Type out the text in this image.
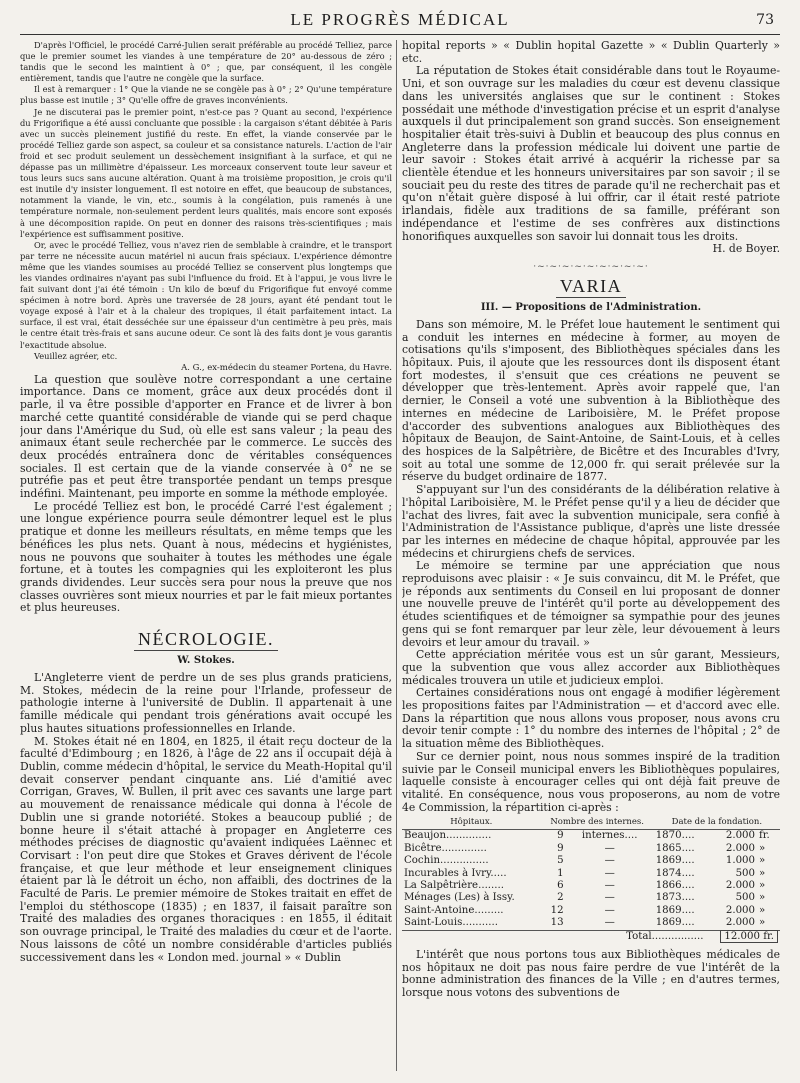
LE PROGRÈS MÉDICAL	73

D'après l'Officiel, le procédé Carré-Julien serait préférable au procédé Telliez, parce que le premier soumet les viandes à une température de 20° au-dessous de zéro ; tandis que le second les maintient à 0° ; que, par conséquent, il les congèle entièrement, tandis que l'autre ne congèle que la surface.

Il est à remarquer : 1° Que la viande ne se congèle pas à 0° ; 2° Qu'une température plus basse est inutile ; 3° Qu'elle offre de graves inconvénients.

Je ne discuterai pas le premier point, n'est-ce pas ? Quant au second, l'expérience du Frigorifique a été aussi concluante que possible : la cargaison s'étant débitée à Paris avec un succès pleinement justifié du reste. En effet, la viande conservée par le procédé Telliez garde son aspect, sa couleur et sa consistance naturels. L'action de l'air froid et sec produit seulement un dessèchement insignifiant à la surface, et qui ne dépasse pas un millimètre d'épaisseur. Les morceaux conservent toute leur saveur et tous leurs sucs sans aucune altération. Quant à ma troisième proposition, je crois qu'il est inutile d'y insister longuement. Il est notoire en effet, que beaucoup de substances, notamment la viande, le vin, etc., soumis à la congélation, puis ramenés à une température normale, non-seulement perdent leurs qualités, mais encore sont exposés à une décomposition rapide. On peut en donner des raisons très-scientifiques ; mais l'expérience est suffisamment positive.

Or, avec le procédé Telliez, vous n'avez rien de semblable à craindre, et le transport par terre ne nécessite aucun matériel ni aucun frais spéciaux. L'expérience démontre même que les viandes soumises au procédé Telliez se conservent plus longtemps que les viandes ordinaires n'ayant pas subi l'influence du froid. Et à l'appui, je vous livre le fait suivant dont j'ai été témoin : Un kilo de bœuf du Frigorifique fut envoyé comme spécimen à notre bord. Après une traversée de 28 jours, ayant été pendant tout le voyage exposé à l'air et à la chaleur des tropiques, il était parfaitement intact. La surface, il est vrai, était desséchée sur une épaisseur d'un centimètre à peu près, mais le centre était très-frais et sans aucune odeur. Ce sont là des faits dont je vous garantis l'exactitude absolue.

Veuillez agréer, etc.

A. G., ex-médecin du steamer Portena, du Havre.

La question que soulève notre correspondant a une certaine importance. Dans ce moment, grâce aux deux procédés dont il parle, il va être possible d'apporter en France et de livrer à bon marché cette quantité considérable de viande qui se perd chaque jour dans l'Amérique du Sud, où elle est sans valeur ; la peau des animaux étant seule recherchée par le commerce. Le succès des deux procédés entraînera donc de véritables conséquences sociales. Il est certain que de la viande conservée à 0° ne se putréfie pas et peut être transportée pendant un temps presque indéfini. Maintenant, peu importe en somme la méthode employée.

Le procédé Telliez est bon, le procédé Carré l'est également ; une longue expérience pourra seule démontrer lequel est le plus pratique et donne les meilleurs résultats, en même temps que les bénéfices les plus nets. Quant à nous, médecins et hygiénistes, nous ne pouvons que souhaiter à toutes les méthodes une égale fortune, et à toutes les compagnies qui les exploiteront les plus grands dividendes. Leur succès sera pour nous la preuve que nos classes ouvrières sont mieux nourries et par le fait mieux portantes et plus heureuses.

NÉCROLOGIE.
W. Stokes.

L'Angleterre vient de perdre un de ses plus grands praticiens, M. Stokes, médecin de la reine pour l'Irlande, professeur de pathologie interne à l'université de Dublin. Il appartenait à une famille médicale qui pendant trois générations avait occupé les plus hautes situations professionnelles en Irlande.

M. Stokes était né en 1804, en 1825, il était reçu docteur de la faculté d'Edimbourg ; en 1826, à l'âge de 22 ans il occupait déjà à Dublin, comme médecin d'hôpital, le service du Meath-Hopital qu'il devait conserver pendant cinquante ans. Lié d'amitié avec Corrigan, Graves, W. Bullen, il prit avec ces savants une large part au mouvement de renaissance médicale qui donna à l'école de Dublin une si grande notoriété. Stokes a beaucoup publié ; de bonne heure il s'était attaché à propager en Angleterre ces méthodes précises de diagnostic qu'avaient indiquées Laënnec et Corvisart : l'on peut dire que Stokes et Graves dérivent de l'école française, et que leur méthode et leur enseignement cliniques étaient par là le détroit un écho, non affaibli, des doctrines de la Faculté de Paris. Le premier mémoire de Stokes traitait en effet de l'emploi du stéthoscope (1835) ; en 1837, il faisait paraître son Traité des maladies des organes thoraciques : en 1855, il éditait son ouvrage principal, le Traité des maladies du cœur et de l'aorte. Nous laissons de côté un nombre considérable d'articles publiés successivement dans les « London med. journal » « Dublin

hopital reports » « Dublin hopital Gazette » « Dublin Quarterly » etc.

La réputation de Stokes était considérable dans tout le Royaume-Uni, et son ouvrage sur les maladies du cœur est devenu classique dans les universités anglaises que sur le continent : Stokes possédait une méthode d'investigation précise et un esprit d'analyse auxquels il dut principalement son grand succès. Son enseignement hospitalier était très-suivi à Dublin et beaucoup des plus connus en Angleterre dans la profession médicale lui doivent une partie de leur savoir : Stokes était arrivé à acquérir la richesse par sa clientèle étendue et les honneurs universitaires par son savoir ; il se souciait peu du reste des titres de parade qu'il ne recherchait pas et qu'on n'était guère disposé à lui offrir, car il était resté patriote irlandais, fidèle aux traditions de sa famille, préférant son indépendance et l'estime de ses confrères aux distinctions honorifiques auxquelles son savoir lui donnait tous les droits.

H. de Boyer.
·~·~·~·~·~·~·~·~·~·
VARIA
III. — Propositions de l'Administration.

Dans son mémoire, M. le Préfet loue hautement le sentiment qui a conduit les internes en médecine à former, au moyen de cotisations qu'ils s'imposent, des Bibliothèques spéciales dans les hôpitaux. Puis, il ajoute que les ressources dont ils disposent étant fort modestes, il s'ensuit que ces créations ne peuvent se développer que très-lentement. Après avoir rappelé que, l'an dernier, le Conseil a voté une subvention à la Bibliothèque des internes en médecine de Lariboisière, M. le Préfet propose d'accorder des subventions analogues aux Bibliothèques des hôpitaux de Beaujon, de Saint-Antoine, de Saint-Louis, et à celles des hospices de la Salpêtrière, de Bicêtre et des Incurables d'Ivry, soit au total une somme de 12,000 fr. qui serait prélevée sur la réserve du budget ordinaire de 1877.

S'appuyant sur l'un des considérants de la délibération relative à l'hôpital Lariboisière, M. le Préfet pense qu'il y a lieu de décider que l'achat des livres, fait avec la subvention municipale, sera confié à l'Administration de l'Assistance publique, d'après une liste dressée par les internes en médecine de chaque hôpital, approuvée par les médecins et chirurgiens chefs de services.

Le mémoire se termine par une appréciation que nous reproduisons avec plaisir : « Je suis convaincu, dit M. le Préfet, que je réponds aux sentiments du Conseil en lui proposant de donner une nouvelle preuve de l'intérêt qu'il porte au développement des études scientifiques et de témoigner sa sympathie pour des jeunes gens qui se font remarquer par leur zèle, leur dévouement à leurs devoirs et leur amour du travail. »

Cette appréciation méritée vous est un sûr garant, Messieurs, que la subvention que vous allez accorder aux Bibliothèques médicales trouvera un utile et judicieux emploi.

Certaines considérations nous ont engagé à modifier légèrement les propositions faites par l'Administration — et d'accord avec elle. Dans la répartition que nous allons vous proposer, nous avons cru devoir tenir compte : 1° du nombre des internes de l'hôpital ; 2° de la situation même des Bibliothèques.

Sur ce dernier point, nous nous sommes inspiré de la tradition suivie par le Conseil municipal envers les Bibliothèques populaires, laquelle consiste à encourager celles qui ont déjà fait preuve de vitalité. En conséquence, nous vous proposerons, au nom de votre 4e Commission, la répartition ci-après :

Hôpitaux.	Nombre des internes.		Date de la fondation.		
Beaujon..............	9	internes....	1870....	2.000	fr.
Bicêtre..............	9	—	1865....	2.000	»
Cochin...............	5	—	1869....	1.000	»
Incurables à Ivry.....	1	—	1874....	500	»
La Salpêtrière........	6	—	1866....	2.000	»
Ménages (Les) à Issy.	2	—	1873....	500	»
Saint-Antoine.........	12	—	1869....	2.000	»
Saint-Louis...........	13	—	1869....	2.000	»
Total................				12.000 fr.	

L'intérêt que nous portons tous aux Bibliothèques médicales de nos hôpitaux ne doit pas nous faire perdre de vue l'intérêt de la bonne administration des finances de la Ville ; en d'autres termes, lorsque nous votons des subventions de
